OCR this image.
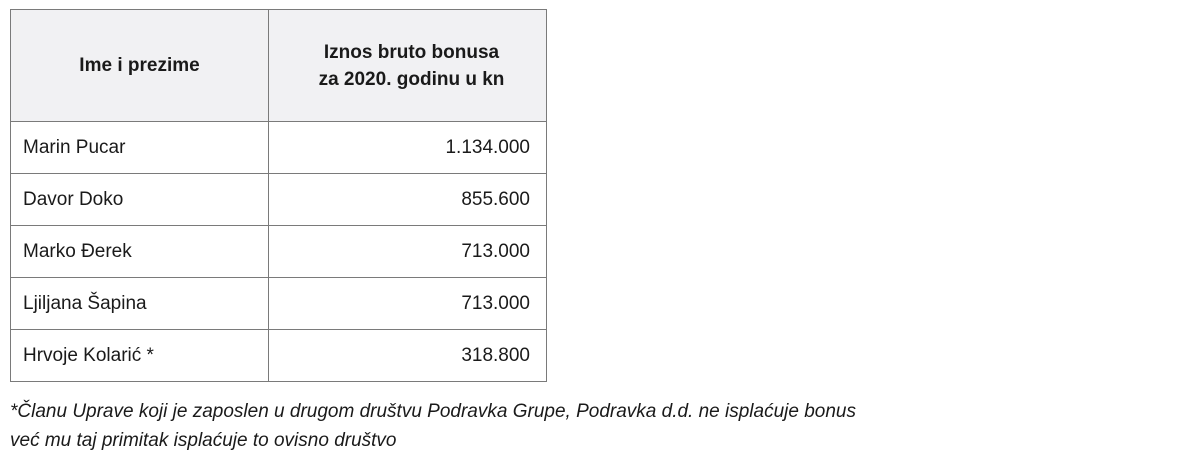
Ime i prezime	Iznos bruto bonusa
za 2020. godinu u kn
Marin Pucar	1.134.000
Davor Doko	855.600
Marko Đerek	713.000
Ljiljana Šapina	713.000
Hrvoje Kolarić *	318.800
*Članu Uprave koji je zaposlen u drugom društvu Podravka Grupe, Podravka d.d. ne isplaćuje bonus
već mu taj primitak isplaćuje to ovisno društvo
